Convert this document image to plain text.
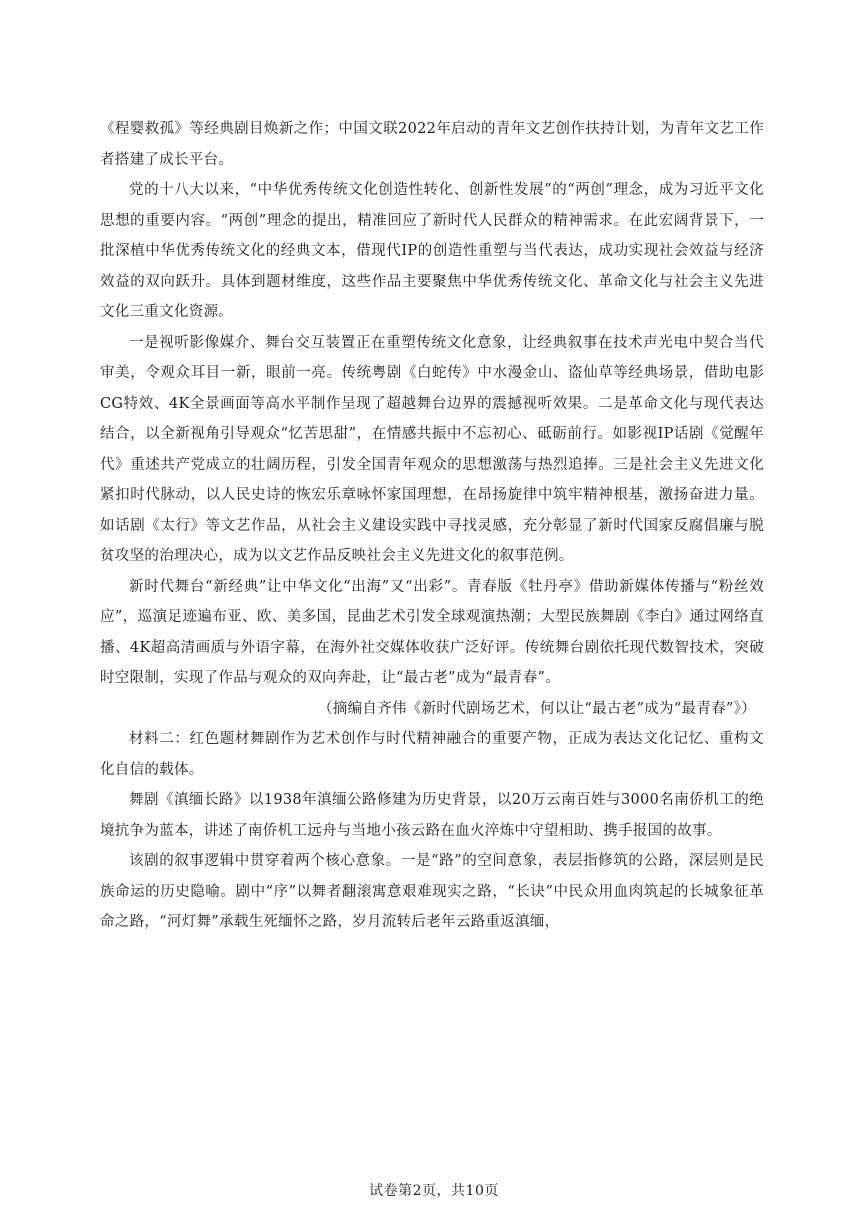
《程婴救孤》等经典剧目焕新之作；中国文联2022年启动的青年文艺创作扶持计划，为青年文艺工作者搭建了成长平台。

党的十八大以来，“中华优秀传统文化创造性转化、创新性发展”的“两创”理念，成为习近平文化思想的重要内容。“两创”理念的提出，精准回应了新时代人民群众的精神需求。在此宏阔背景下，一批深植中华优秀传统文化的经典文本，借现代IP的创造性重塑与当代表达，成功实现社会效益与经济效益的双向跃升。具体到题材维度，这些作品主要聚焦中华优秀传统文化、革命文化与社会主义先进文化三重文化资源。

一是视听影像媒介、舞台交互装置正在重塑传统文化意象，让经典叙事在技术声光电中契合当代审美，令观众耳目一新，眼前一亮。传统粤剧《白蛇传》中水漫金山、盗仙草等经典场景，借助电影CG特效、4K全景画面等高水平制作呈现了超越舞台边界的震撼视听效果。二是革命文化与现代表达结合，以全新视角引导观众“忆苦思甜”，在情感共振中不忘初心、砥砺前行。如影视IP话剧《觉醒年代》重述共产党成立的壮阔历程，引发全国青年观众的思想激荡与热烈追捧。三是社会主义先进文化紧扣时代脉动，以人民史诗的恢宏乐章咏怀家国理想，在昂扬旋律中筑牢精神根基，激扬奋进力量。如话剧《太行》等文艺作品，从社会主义建设实践中寻找灵感，充分彰显了新时代国家反腐倡廉与脱贫攻坚的治理决心，成为以文艺作品反映社会主义先进文化的叙事范例。

新时代舞台“新经典”让中华文化“出海”又“出彩”。青春版《牡丹亭》借助新媒体传播与“粉丝效应”，巡演足迹遍布亚、欧、美多国，昆曲艺术引发全球观演热潮；大型民族舞剧《李白》通过网络直播、4K超高清画质与外语字幕，在海外社交媒体收获广泛好评。传统舞台剧依托现代数智技术，突破时空限制，实现了作品与观众的双向奔赴，让“最古老”成为“最青春”。

（摘编自齐伟《新时代剧场艺术，何以让“最古老”成为“最青春”》）

材料二：红色题材舞剧作为艺术创作与时代精神融合的重要产物，正成为表达文化记忆、重构文化自信的载体。

舞剧《滇缅长路》以1938年滇缅公路修建为历史背景，以20万云南百姓与3000名南侨机工的绝境抗争为蓝本，讲述了南侨机工远舟与当地小孩云路在血火淬炼中守望相助、携手报国的故事。

该剧的叙事逻辑中贯穿着两个核心意象。一是“路”的空间意象，表层指修筑的公路，深层则是民族命运的历史隐喻。剧中“序”以舞者翻滚寓意艰难现实之路，“长诀”中民众用血肉筑起的长城象征革命之路，“河灯舞”承载生死缅怀之路，岁月流转后老年云路重返滇缅，

试卷第2页，共10页
